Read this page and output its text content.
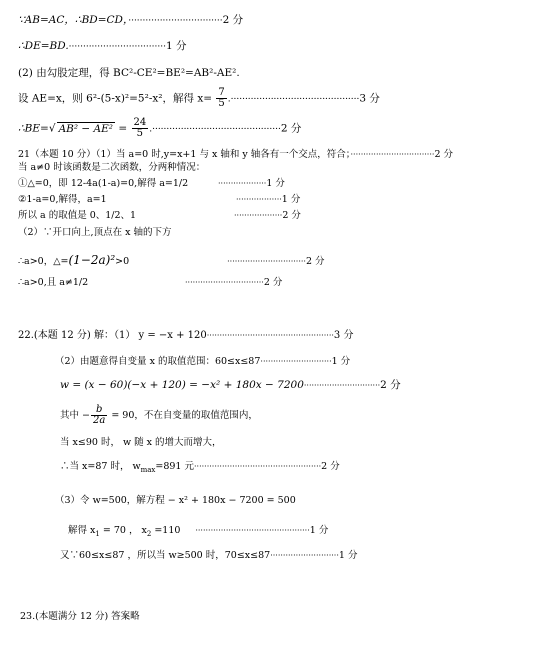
∵AB=AC，∴BD=CD，·································2 分
∴DE=BD.··································1 分
(2) 由勾股定理，得 BC²-CE²=BE²=AB²-AE².
设 AE=x，则 6²-(5-x)²=5²-x²，解得 $x= \frac{7}{5} .\cdot\cdot\cdot\cdot\cdot\cdot\cdot\cdot\cdot\cdot\cdot\cdot\cdot\cdot\cdot\cdot\cdot\cdot\cdot\cdot\cdot\cdot\cdot\cdot\cdot\cdot\cdot\cdot\cdot\cdot\cdot\cdot\cdot\cdot\cdot\cdot\cdot\cdot\cdot\cdot\cdot\cdot\cdot\cdot\cdot 3$ 分
∴BE=√ $AB^2 - AE^2 = \frac{24}{5} .\cdot\cdot\cdot\cdot\cdot\cdot\cdot\cdot\cdot\cdot\cdot\cdot\cdot\cdot\cdot\cdot\cdot\cdot\cdot\cdot\cdot\cdot\cdot\cdot\cdot\cdot\cdot\cdot\cdot\cdot\cdot\cdot\cdot\cdot\cdot\cdot\cdot\cdot\cdot\cdot\cdot\cdot\cdot\cdot\cdot 2$ 分
21（本题 10 分）（1）当 a=0 时,y=x+1 与 x 轴和 y 轴各有一个交点，符合；·································2 分
当 a≠0 时该函数是二次函数，分两种情况：
①△=0，即 12-4a(1-a)=0,解得 a=1/2	···················1 分
②1-a=0,解得，a=1	··················1 分
所以 a 的取值是 0、1/2、1	···················2 分
（2）∵开口向上,顶点在 x 轴的下方
∴a>0，△=(1−2a)²>0	·······························2 分
∴a>0,且 a≠1/2	·······························2 分
22.(本题 12 分) 解：（1） y = −x + 120··················································3 分
（2）由题意得自变量 x 的取值范围：60≤x≤87····························1 分
w = (x − 60)(−x + 120) = −x² + 180x − 7200······························2 分
其中 − $\frac{b}{2a} = 90$，不在自变量的取值范围内，
当 x≤90 时， w 随 x 的增大而增大，
∴当 x=87 时， $w_{max}=891$ 元··················································2 分
（3）令 w=500，解方程 − x² + 180x − 7200 = 500
解得 $x_1 = 70$ ， $x_2 =110 \cdot\cdot\cdot\cdot\cdot\cdot\cdot\cdot\cdot\cdot\cdot\cdot\cdot\cdot\cdot\cdot\cdot\cdot\cdot\cdot\cdot\cdot\cdot\cdot\cdot\cdot\cdot\cdot\cdot\cdot\cdot\cdot\cdot\cdot\cdot\cdot\cdot\cdot\cdot\cdot\cdot\cdot\cdot\cdot\cdot 1$ 分
又∵60≤x≤87 ，所以当 w≥500 时，70≤x≤87···························1 分
23.(本题满分 12 分) 答案略
